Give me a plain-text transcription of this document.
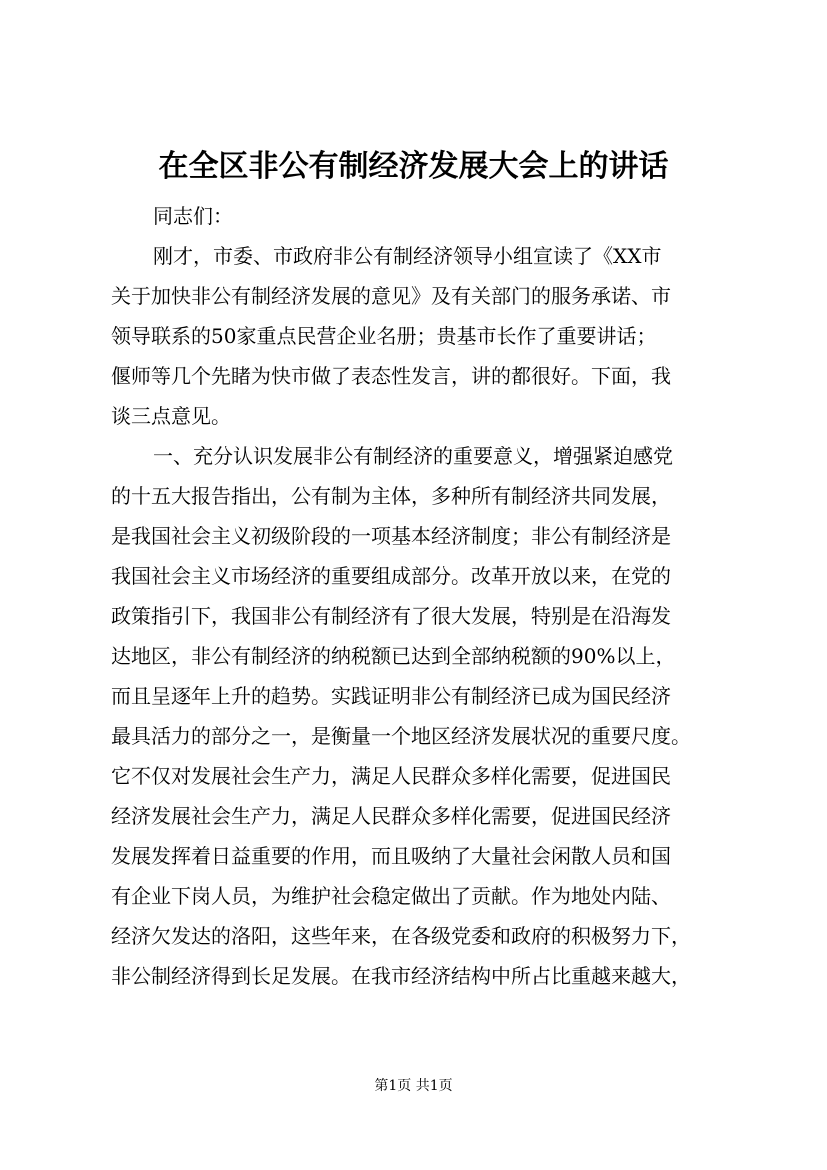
在全区非公有制经济发展大会上的讲话
同志们：
刚才，市委、市政府非公有制经济领导小组宣读了《XX市
关于加快非公有制经济发展的意见》及有关部门的服务承诺、市
领导联系的50家重点民营企业名册；贵基市长作了重要讲话；
偃师等几个先睹为快市做了表态性发言，讲的都很好。下面，我
谈三点意见。
一、充分认识发展非公有制经济的重要意义，增强紧迫感党
的十五大报告指出，公有制为主体，多种所有制经济共同发展，
是我国社会主义初级阶段的一项基本经济制度；非公有制经济是
我国社会主义市场经济的重要组成部分。改革开放以来，在党的
政策指引下，我国非公有制经济有了很大发展，特别是在沿海发
达地区，非公有制经济的纳税额已达到全部纳税额的90%以上，
而且呈逐年上升的趋势。实践证明非公有制经济已成为国民经济
最具活力的部分之一，是衡量一个地区经济发展状况的重要尺度。
它不仅对发展社会生产力，满足人民群众多样化需要，促进国民
经济发展社会生产力，满足人民群众多样化需要，促进国民经济
发展发挥着日益重要的作用，而且吸纳了大量社会闲散人员和国
有企业下岗人员，为维护社会稳定做出了贡献。作为地处内陆、
经济欠发达的洛阳，这些年来，在各级党委和政府的积极努力下，
非公制经济得到长足发展。在我市经济结构中所占比重越来越大，
第1页 共1页
